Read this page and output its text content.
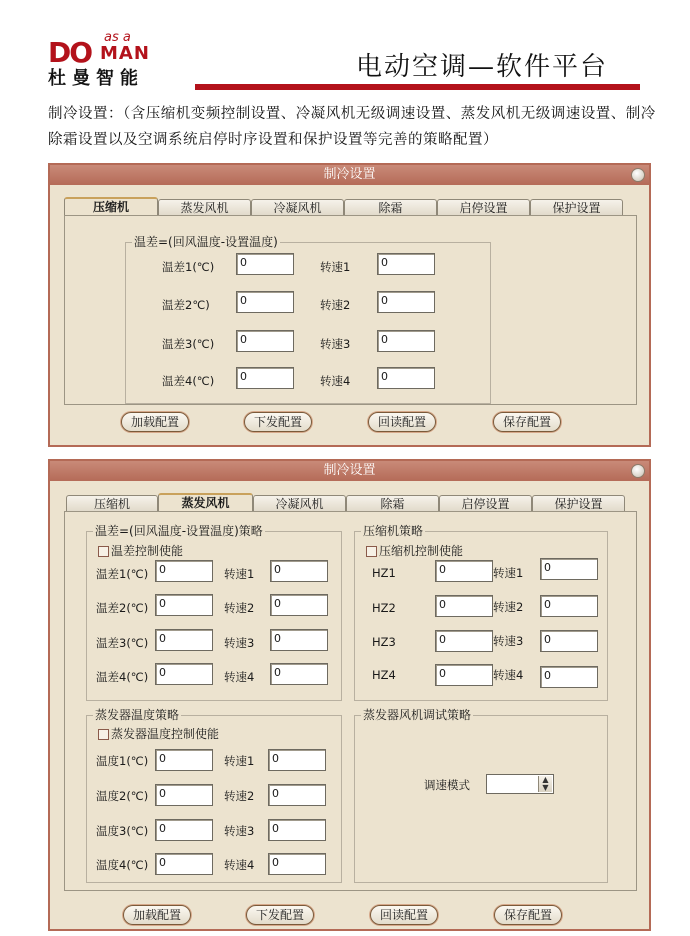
DO as a
MAN
杜曼智能	电动空调—软件平台
制冷设置：（含压缩机变频控制设置、冷凝风机无级调速设置、蒸发风机无级调速设置、制冷除霜设置以及空调系统启停时序设置和保护设置等完善的策略配置）
制冷设置
压缩机	蒸发风机	冷凝风机	除霜	启停设置	保护设置
温差=(回风温度-设置温度)
温差1(℃)	0	转速1	0
温差2℃)	0	转速2	0
温差3(℃)	0	转速3	0
温差4(℃)	0	转速4	0
加载配置	下发配置	回读配置	保存配置
制冷设置
压缩机	蒸发风机	冷凝风机	除霜	启停设置	保护设置
温差=(回风温度-设置温度)策略
温差控制使能
温差1(℃) 0	转速1	0
温差2(℃) 0	转速2	0
温差3(℃) 0	转速3	0
温差4(℃) 0	转速4	0
压缩机策略
压缩机控制使能
HZ1	0	转速1	0
HZ2	0	转速2	0
HZ3	0	转速3	0
HZ4	0	转速4	0
蒸发器温度策略
蒸发器温度控制使能
温度1(℃) 0	转速1	0
温度2(℃) 0	转速2	0
温度3(℃) 0	转速3	0
温度4(℃) 0	转速4	0
蒸发器风机调试策略
调速模式	▲
▼
加载配置	下发配置	回读配置	保存配置
